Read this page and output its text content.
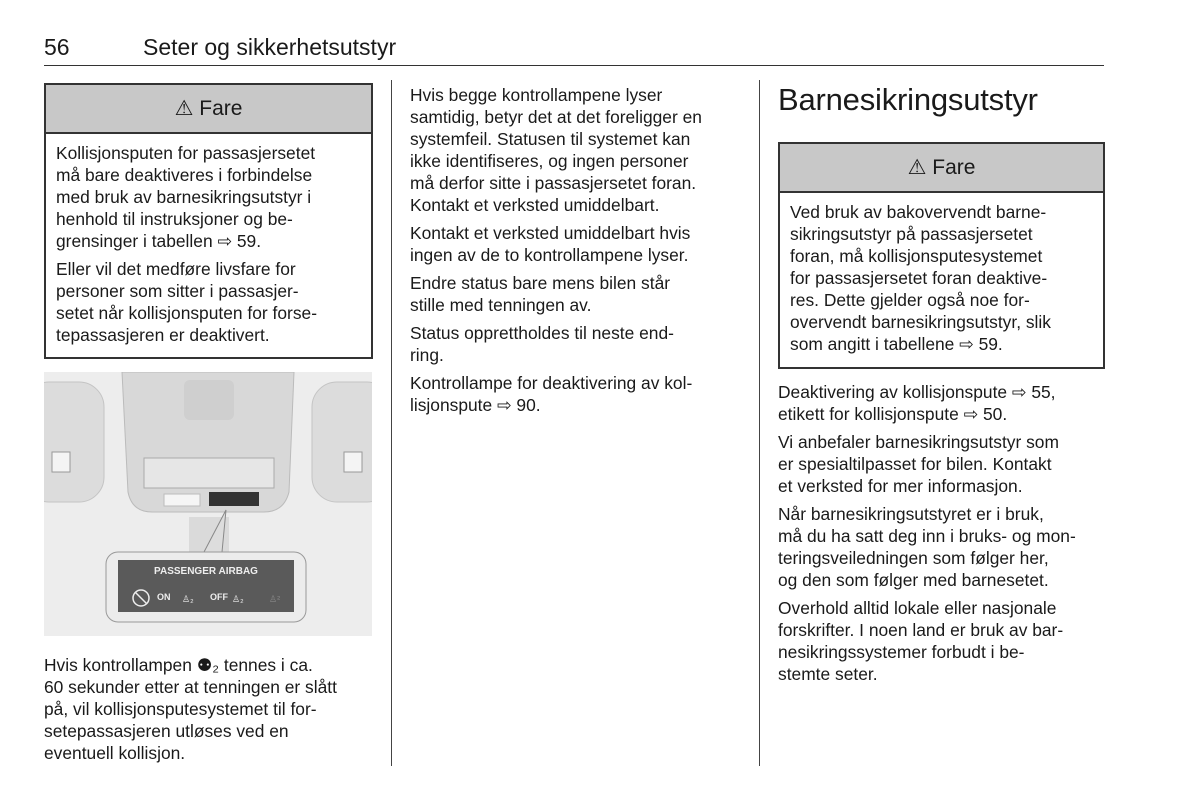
56	Seter og sikkerhetsutstyr
⚠ Fare

Kollisjonsputen for passasjersetet
må bare deaktiveres i forbindelse
med bruk av barnesikringsutstyr i
henhold til instruksjoner og be-
grensinger i tabellen ⇨ 59.

Eller vil det medføre livsfare for
personer som sitter i passasjer-
setet når kollisjonsputen for forse-
tepassasjeren er deaktivert.

♙₂	♙₂	♙²
PASSENGER AIRBAG
ON	OFF

Hvis kontrollampen ⚉₂ tennes i ca.
60 sekunder etter at tenningen er slått
på, vil kollisjonsputesystemet til for-
setepassasjeren utløses ved en
eventuell kollisjon.

Hvis begge kontrollampene lyser
samtidig, betyr det at det foreligger en
systemfeil. Statusen til systemet kan
ikke identifiseres, og ingen personer
må derfor sitte i passasjersetet foran.
Kontakt et verksted umiddelbart.

Kontakt et verksted umiddelbart hvis
ingen av de to kontrollampene lyser.

Endre status bare mens bilen står
stille med tenningen av.

Status opprettholdes til neste end-
ring.

Kontrollampe for deaktivering av kol-
lisjonspute ⇨ 90.

Barnesikringsutstyr
⚠ Fare

Ved bruk av bakovervendt barne-
sikringsutstyr på passasjersetet
foran, må kollisjonsputesystemet
for passasjersetet foran deaktive-
res. Dette gjelder også noe for-
overvendt barnesikringsutstyr, slik
som angitt i tabellene ⇨ 59.

Deaktivering av kollisjonspute ⇨ 55,
etikett for kollisjonspute ⇨ 50.

Vi anbefaler barnesikringsutstyr som
er spesialtilpasset for bilen. Kontakt
et verksted for mer informasjon.

Når barnesikringsutstyret er i bruk,
må du ha satt deg inn i bruks- og mon-
teringsveiledningen som følger her,
og den som følger med barnesetet.

Overhold alltid lokale eller nasjonale
forskrifter. I noen land er bruk av bar-
nesikringssystemer forbudt i be-
stemte seter.
